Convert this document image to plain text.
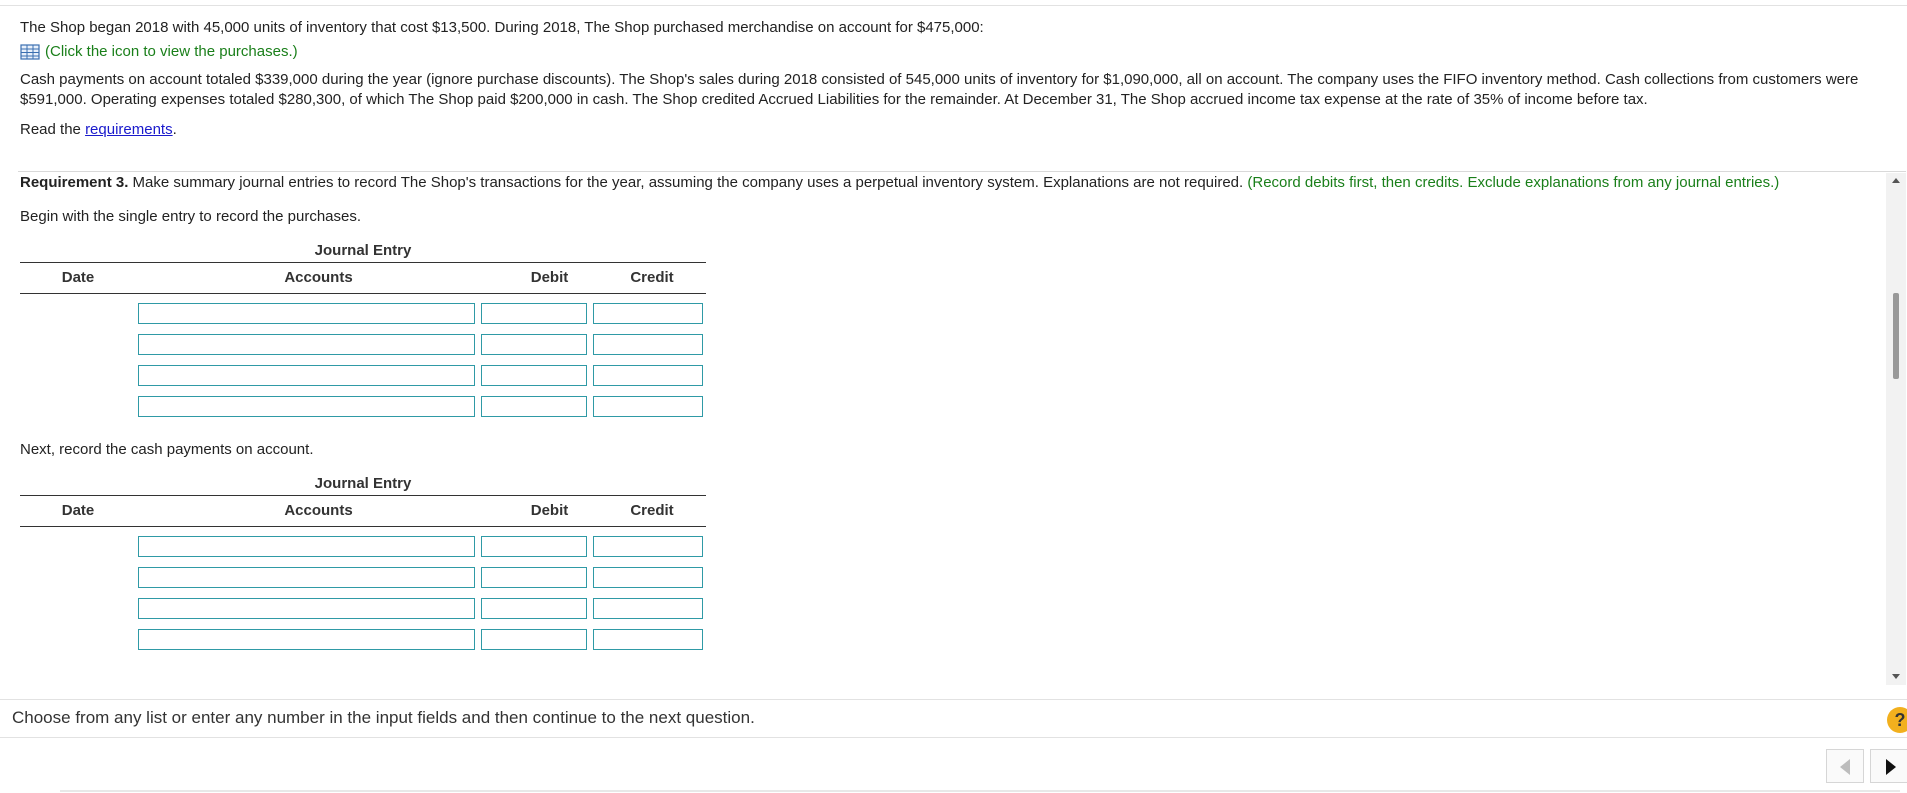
The Shop began 2018 with 45,000 units of inventory that cost $13,500. During 2018, The Shop purchased merchandise on account for $475,000:

(Click the icon to view the purchases.)

Cash payments on account totaled $339,000 during the year (ignore purchase discounts). The Shop's sales during 2018 consisted of 545,000 units of inventory for $1,090,000, all on account. The company uses the FIFO inventory method. Cash collections from customers were $591,000. Operating expenses totaled $280,300, of which The Shop paid $200,000 in cash. The Shop credited Accrued Liabilities for the remainder. At December 31, The Shop accrued income tax expense at the rate of 35% of income before tax.

Read the requirements.

Requirement 3. Make summary journal entries to record The Shop's transactions for the year, assuming the company uses a perpetual inventory system. Explanations are not required. (Record debits first, then credits. Exclude explanations from any journal entries.)

Begin with the single entry to record the purchases.

Journal Entry
Date	Accounts	Debit	Credit

Next, record the cash payments on account.

Journal Entry
Date	Accounts	Debit	Credit
Choose from any list or enter any number in the input fields and then continue to the next question.	?
